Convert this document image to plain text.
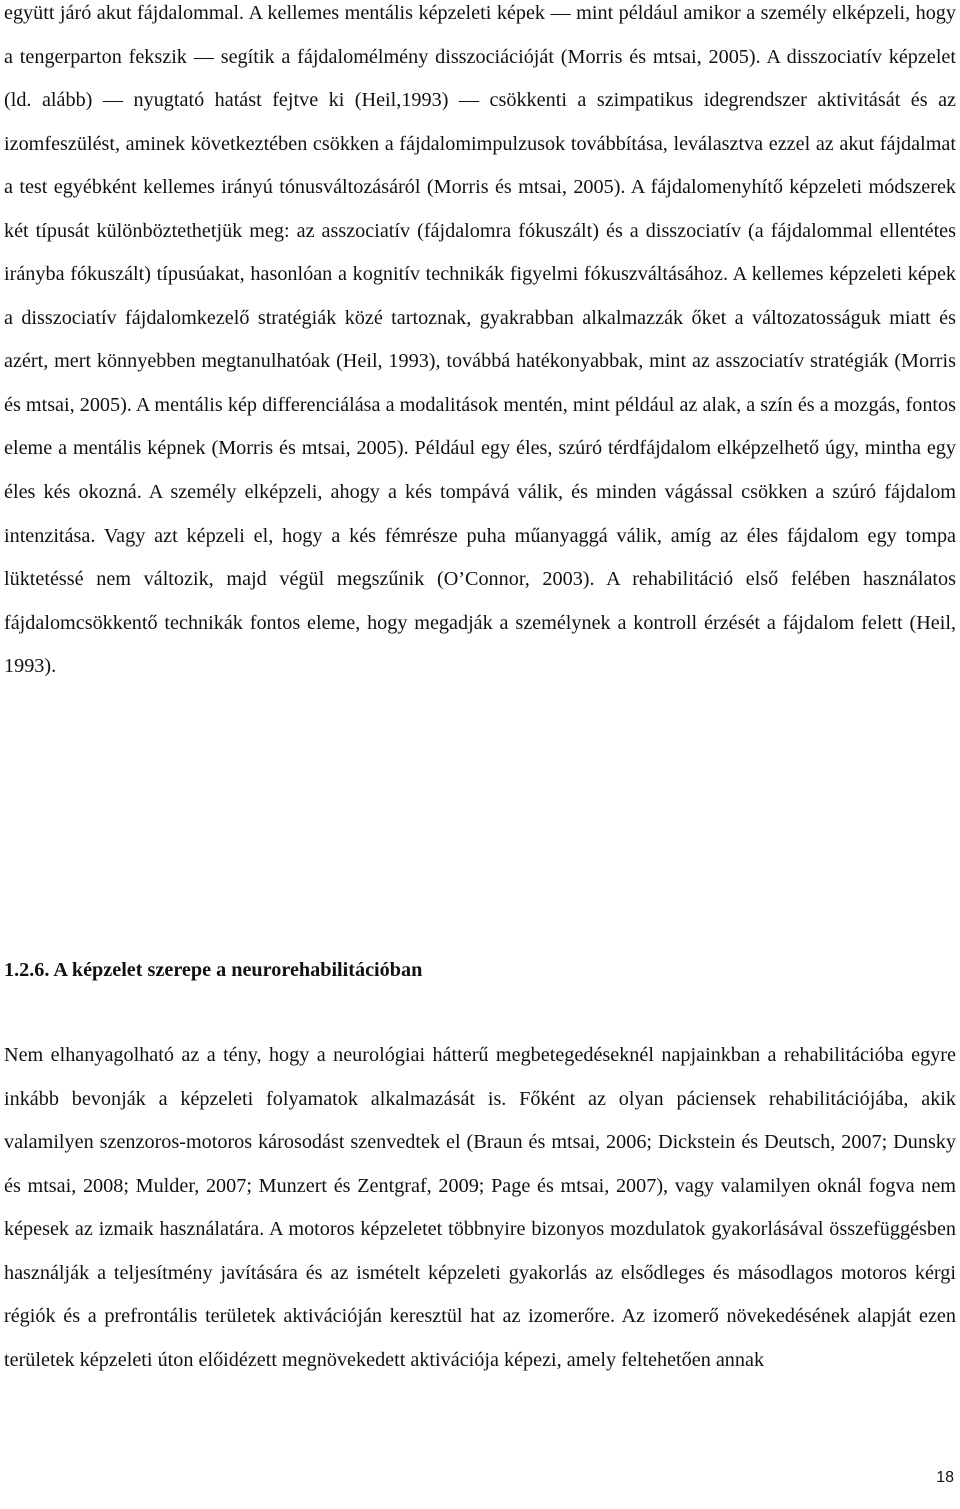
együtt járó akut fájdalommal. A kellemes mentális képzeleti képek — mint például amikor a személy elképzeli, hogy a tengerparton fekszik — segítik a fájdalomélmény disszociációját (Morris és mtsai, 2005). A disszociatív képzelet (ld. alább) — nyugtató hatást fejtve ki (Heil,1993) — csökkenti a szimpatikus idegrendszer aktivitását és az izomfeszülést, aminek következtében csökken a fájdalomimpulzusok továbbítása, leválasztva ezzel az akut fájdalmat a test egyébként kellemes irányú tónusváltozásáról (Morris és mtsai, 2005). A fájdalomenyhítő képzeleti módszerek két típusát különböztethetjük meg: az asszociatív (fájdalomra fókuszált) és a disszociatív (a fájdalommal ellentétes irányba fókuszált) típusúakat, hasonlóan a kognitív technikák figyelmi fókuszváltásához. A kellemes képzeleti képek a disszociatív fájdalomkezelő stratégiák közé tartoznak, gyakrabban alkalmazzák őket a változatosságuk miatt és azért, mert könnyebben megtanulhatóak (Heil, 1993), továbbá hatékonyabbak, mint az asszociatív stratégiák (Morris és mtsai, 2005). A mentális kép differenciálása a modalitások mentén, mint például az alak, a szín és a mozgás, fontos eleme a mentális képnek (Morris és mtsai, 2005). Például egy éles, szúró térdfájdalom elképzelhető úgy, mintha egy éles kés okozná. A személy elképzeli, ahogy a kés tompává válik, és minden vágással csökken a szúró fájdalom intenzitása. Vagy azt képzeli el, hogy a kés fémrésze puha műanyaggá válik, amíg az éles fájdalom egy tompa lüktetéssé nem változik, majd végül megszűnik (O’Connor, 2003). A rehabilitáció első felében használatos fájdalomcsökkentő technikák fontos eleme, hogy megadják a személynek a kontroll érzését a fájdalom felett (Heil, 1993).

1.2.6. A képzelet szerepe a neurorehabilitációban

Nem elhanyagolható az a tény, hogy a neurológiai hátterű megbetegedéseknél napjainkban a rehabilitációba egyre inkább bevonják a képzeleti folyamatok alkalmazását is. Főként az olyan páciensek rehabilitációjába, akik valamilyen szenzoros-motoros károsodást szenvedtek el (Braun és mtsai, 2006; Dickstein és Deutsch, 2007; Dunsky és mtsai, 2008; Mulder, 2007; Munzert és Zentgraf, 2009; Page és mtsai, 2007), vagy valamilyen oknál fogva nem képesek az izmaik használatára. A motoros képzeletet többnyire bizonyos mozdulatok gyakorlásával összefüggésben használják a teljesítmény javítására és az ismételt képzeleti gyakorlás az elsődleges és másodlagos motoros kérgi régiók és a prefrontális területek aktivációján keresztül hat az izomerőre. Az izomerő növekedésének alapját ezen területek képzeleti úton előidézett megnövekedett aktivációja képezi, amely feltehetően annak

18
